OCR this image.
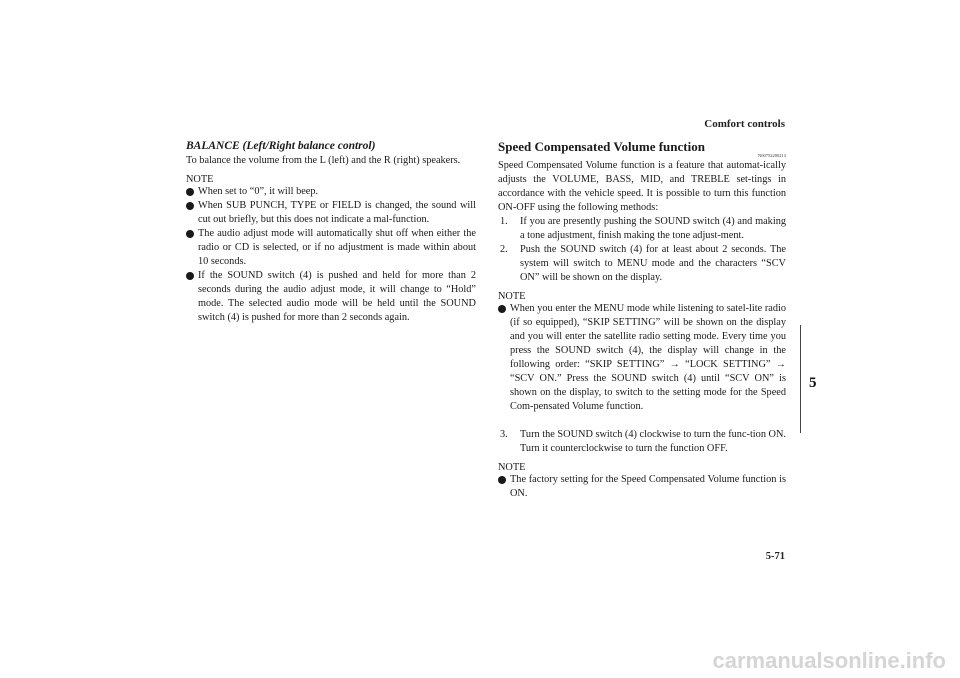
Comfort controls
5
BALANCE (Left/Right balance control)
To balance the volume from the L (left) and the R (right) speakers.
NOTE
When set to “0”, it will beep.
When SUB PUNCH, TYPE or FIELD is changed, the sound will cut out briefly, but this does not indicate a mal-function.
The audio adjust mode will automatically shut off when either the radio or CD is selected, or if no adjustment is made within about 10 seconds.
If the SOUND switch (4) is pushed and held for more than 2 seconds during the audio adjust mode, it will change to “Hold” mode. The selected audio mode will be held until the SOUND switch (4) is pushed for more than 2 seconds again.
Speed Compensated Volume function
N00752200213
Speed Compensated Volume function is a feature that automat-ically adjusts the VOLUME, BASS, MID, and TREBLE set-tings in accordance with the vehicle speed. It is possible to turn this function ON-OFF using the following methods:
1. If you are presently pushing the SOUND switch (4) and making a tone adjustment, finish making the tone adjust-ment.
2. Push the SOUND switch (4) for at least about 2 seconds. The system will switch to MENU mode and the characters “SCV ON” will be shown on the display.
NOTE
When you enter the MENU mode while listening to satel-lite radio (if so equipped), “SKIP SETTING” will be shown on the display and you will enter the satellite radio setting mode. Every time you press the SOUND switch (4), the display will change in the following order: “SKIP SETTING” → “LOCK SETTING” → “SCV ON.” Press the SOUND switch (4) until “SCV ON” is shown on the display, to switch to the setting mode for the Speed Com-pensated Volume function.
3. Turn the SOUND switch (4) clockwise to turn the func-tion ON. Turn it counterclockwise to turn the function OFF.
NOTE
The factory setting for the Speed Compensated Volume function is ON.
5-71
carmanualsonline.info
